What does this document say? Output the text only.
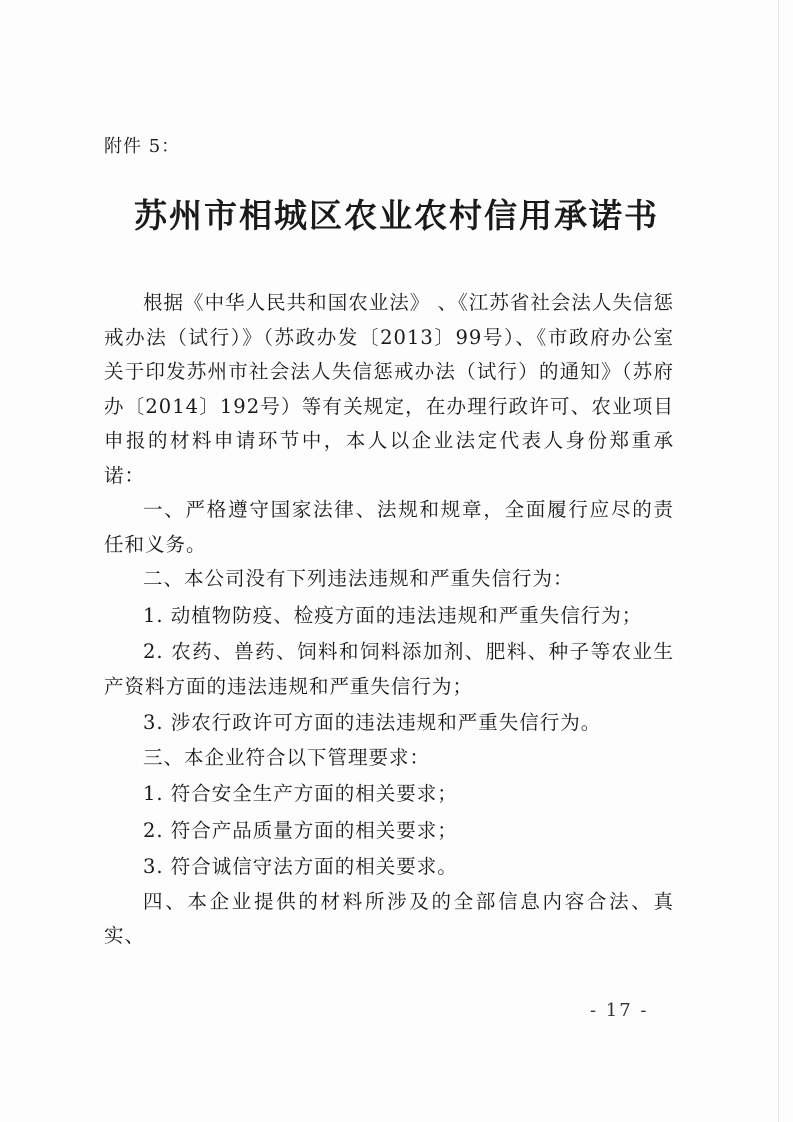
附件 5：
苏州市相城区农业农村信用承诺书

根据《中华人民共和国农业法》 、《江苏省社会法人失信惩戒办法（试行）》（苏政办发〔2013〕99号）、《市政府办公室关于印发苏州市社会法人失信惩戒办法（试行）的通知》（苏府办〔2014〕192号）等有关规定，在办理行政许可、农业项目申报的材料申请环节中，本人以企业法定代表人身份郑重承诺：

一、严格遵守国家法律、法规和规章，全面履行应尽的责任和义务。

二、本公司没有下列违法违规和严重失信行为：

1. 动植物防疫、检疫方面的违法违规和严重失信行为；

2. 农药、兽药、饲料和饲料添加剂、肥料、种子等农业生产资料方面的违法违规和严重失信行为；

3. 涉农行政许可方面的违法违规和严重失信行为。

三、本企业符合以下管理要求：

1. 符合安全生产方面的相关要求；

2. 符合产品质量方面的相关要求；

3. 符合诚信守法方面的相关要求。

四、本企业提供的材料所涉及的全部信息内容合法、真实、

- 17 -
